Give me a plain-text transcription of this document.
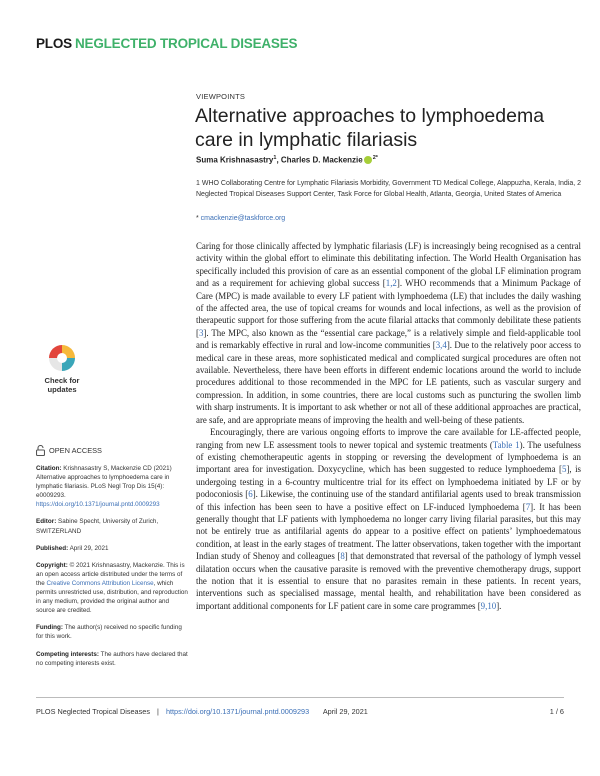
PLOS NEGLECTED TROPICAL DISEASES
VIEWPOINTS
Alternative approaches to lymphoedema care in lymphatic filariasis
Suma Krishnasastry$^1$, Charles D. Mackenzie $^{2*}$

1 WHO Collaborating Centre for Lymphatic Filariasis Morbidity, Government TD Medical College, Alappuzha, Kerala, India, 2 Neglected Tropical Diseases Support Center, Task Force for Global Health, Atlanta, Georgia, United States of America

* cmackenzie@taskforce.org

Caring for those clinically affected by lymphatic filariasis (LF) is increasingly being recognised as a central activity within the global effort to eliminate this debilitating infection. The World Health Organisation has specifically included this provision of care as an essential component of the global LF elimination program and as a requirement for achieving global success [1,2]. WHO recommends that a Minimum Package of Care (MPC) is made available to every LF patient with lymphoedema (LE) that includes the daily washing of the affected area, the use of topical creams for wounds and local infections, as well as the provision of therapeutic support for those suffering from the acute filarial attacks that commonly debilitate these patients [3]. The MPC, also known as the “essential care package,” is a relatively simple and field-applicable tool and is remarkably effective in rural and low-income communities [3,4]. Due to the relatively poor access to medical care in these areas, more sophisticated medical and complicated surgical procedures are often not available. Nevertheless, there have been efforts in different endemic locations around the world to include procedures additional to those recommended in the MPC for LE patients, such as vascular surgery and compression. In addition, in some countries, there are local customs such as puncturing the swollen limb with sharp instruments. It is important to ask whether or not all of these additional approaches are practical, are safe, and are appropriate means of improving the health and well-being of these patients.

Encouragingly, there are various ongoing efforts to improve the care available for LE-affected people, ranging from new LE assessment tools to newer topical and systemic treatments (Table 1). The usefulness of existing chemotherapeutic agents in stopping or reversing the development of lymphoedema is an important area for investigation. Doxycycline, which has been suggested to reduce lymphoedema [5], is undergoing testing in a 6-country multicentre trial for its effect on lymphoedema initiated by LF or by podoconiosis [6]. Likewise, the continuing use of the standard antifilarial agents used to break transmission of this infection has been seen to have a positive effect on LF-induced lymphoedema [7]. It has been generally thought that LF patients with lymphoedema no longer carry living filarial parasites, but this may not be entirely true as antifilarial agents do appear to a positive effect on patients’ lymphoedematous condition, at least in the early stages of treatment. The latter observations, taken together with the important Indian study of Shenoy and colleagues [8] that demonstrated that reversal of the pathology of lymph vessel dilatation occurs when the causative parasite is removed with the preventive chemotherapy drugs, support the notion that it is essential to ensure that no parasites remain in these patients. In recent years, interventions such as specialised massage, mental health, and rehabilitation have been considered as important additional components for LF patient care in some care programmes [9,10].

Check for
updates
OPEN ACCESS

Citation: Krishnasastry S, Mackenzie CD (2021) Alternative approaches to lymphoedema care in lymphatic filariasis. PLoS Negl Trop Dis 15(4): e0009293. https://doi.org/10.1371/journal.pntd.0009293

Editor: Sabine Specht, University of Zurich, SWITZERLAND

Published: April 29, 2021

Copyright: © 2021 Krishnasastry, Mackenzie. This is an open access article distributed under the terms of the Creative Commons Attribution License, which permits unrestricted use, distribution, and reproduction in any medium, provided the original author and source are credited.

Funding: The author(s) received no specific funding for this work.

Competing interests: The authors have declared that no competing interests exist.

PLOS Neglected Tropical Diseases | https://doi.org/10.1371/journal.pntd.0009293 April 29, 2021	1 / 6
